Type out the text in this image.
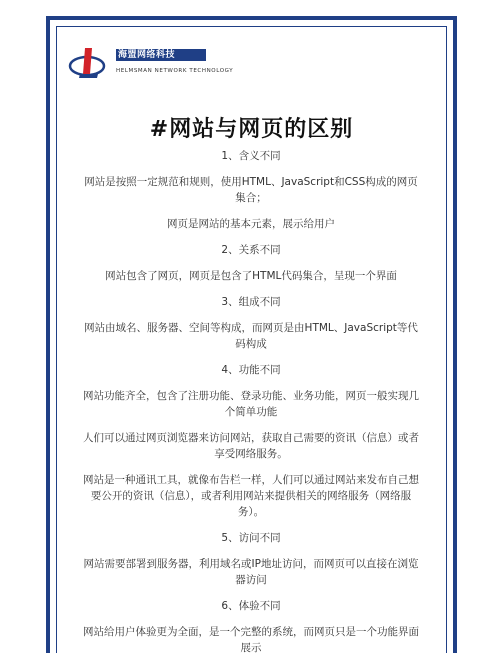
海盟网络科技
HELMSMAN NETWORK TECHNOLOGY
#网站与网页的区别
1、含义不同
网站是按照一定规范和规则，使用HTML、JavaScript和CSS构成的网页集合；
网页是网站的基本元素，展示给用户
2、关系不同
网站包含了网页，网页是包含了HTML代码集合，呈现一个界面
3、组成不同
网站由域名、服务器、空间等构成，而网页是由HTML、JavaScript等代码构成
4、功能不同
网站功能齐全，包含了注册功能、登录功能、业务功能，网页一般实现几个简单功能
人们可以通过网页浏览器来访问网站，获取自己需要的资讯（信息）或者享受网络服务。
网站是一种通讯工具，就像布告栏一样，人们可以通过网站来发布自己想要公开的资讯（信息），或者利用网站来提供相关的网络服务（网络服务）。
5、访问不同
网站需要部署到服务器，利用域名或IP地址访问，而网页可以直接在浏览器访问
6、体验不同
网站给用户体验更为全面，是一个完整的系统，而网页只是一个功能界面展示
